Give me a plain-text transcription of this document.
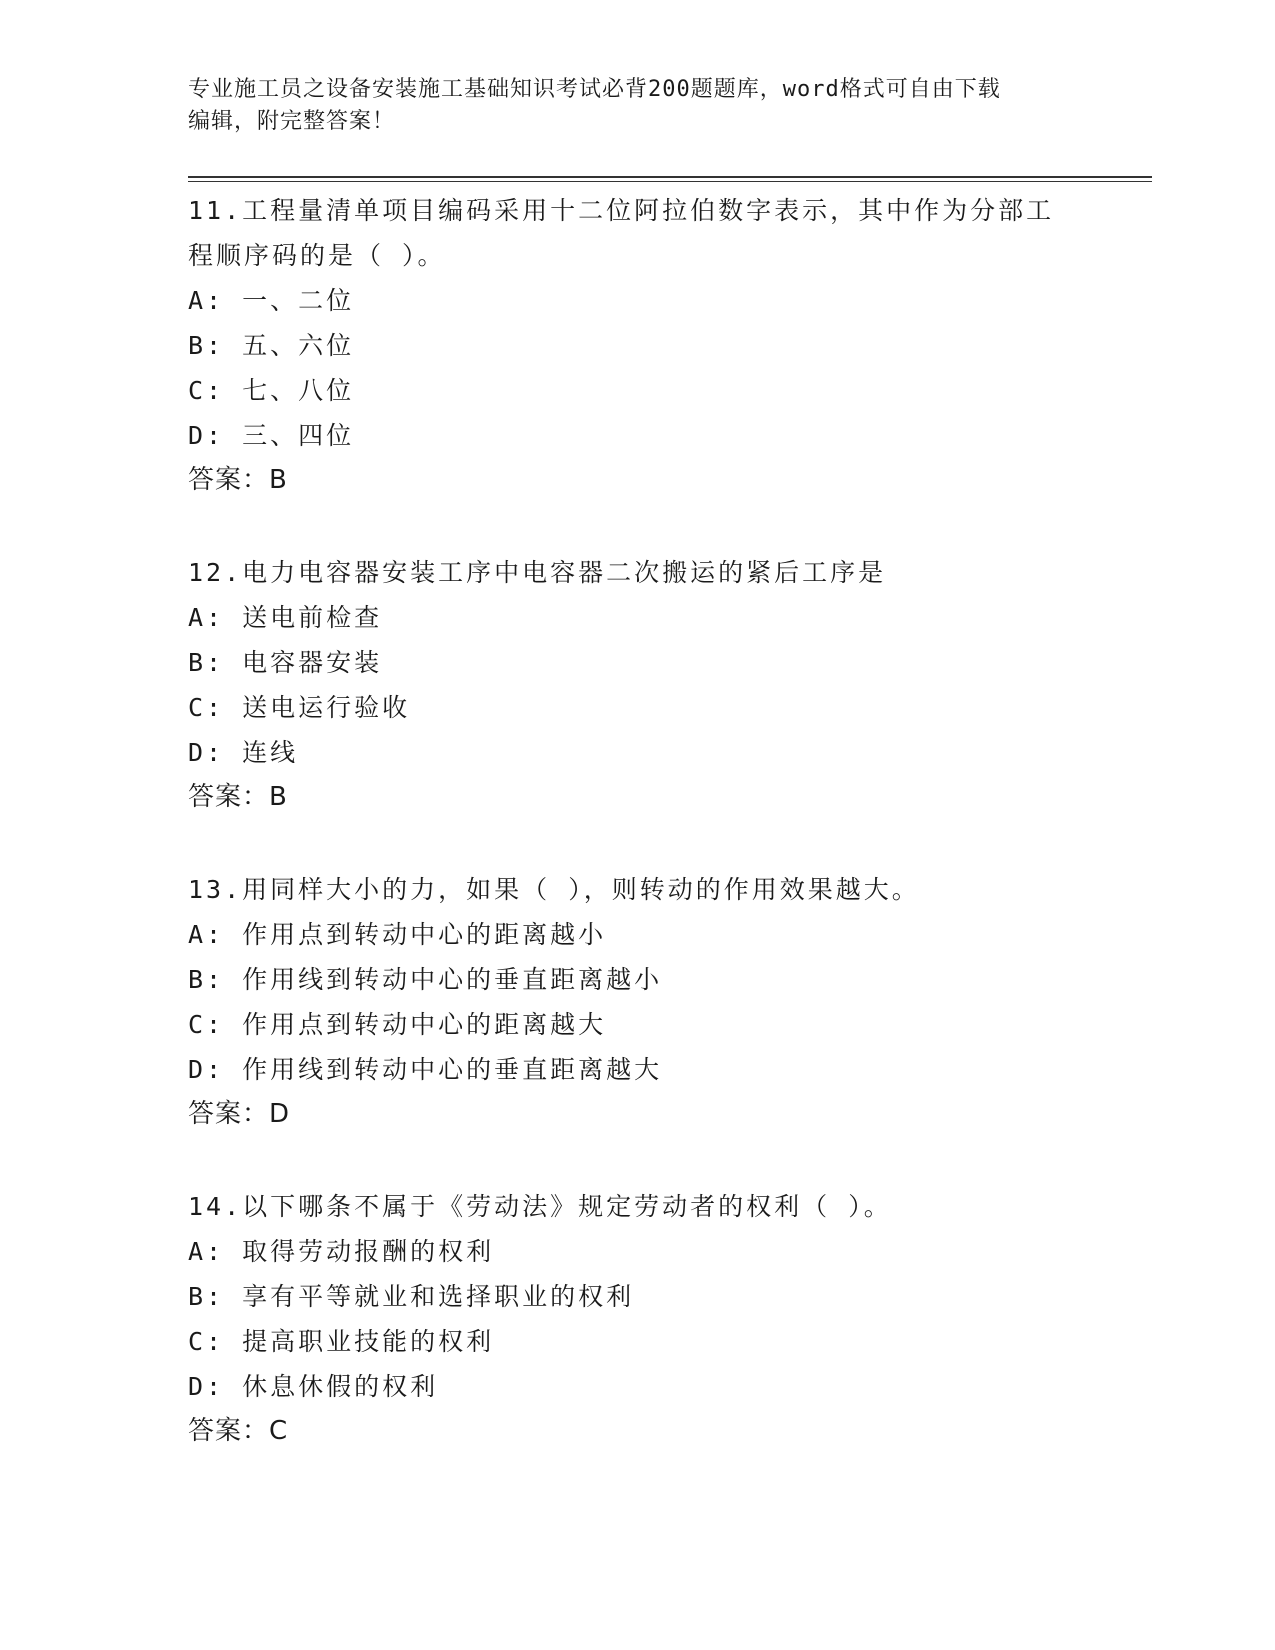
专业施工员之设备安装施工基础知识考试必背200题题库，word格式可自由下载
编辑，附完整答案！

11.工程量清单项目编码采用十二位阿拉伯数字表示，其中作为分部工
程顺序码的是（ ）。

A: 一、二位

B: 五、六位

C: 七、八位

D: 三、四位

答案：B

12.电力电容器安装工序中电容器二次搬运的紧后工序是

A: 送电前检查

B: 电容器安装

C: 送电运行验收

D: 连线

答案：B

13.用同样大小的力，如果（ ），则转动的作用效果越大。

A: 作用点到转动中心的距离越小

B: 作用线到转动中心的垂直距离越小

C: 作用点到转动中心的距离越大

D: 作用线到转动中心的垂直距离越大

答案：D

14.以下哪条不属于《劳动法》规定劳动者的权利（ ）。

A: 取得劳动报酬的权利

B: 享有平等就业和选择职业的权利

C: 提高职业技能的权利

D: 休息休假的权利

答案：C
